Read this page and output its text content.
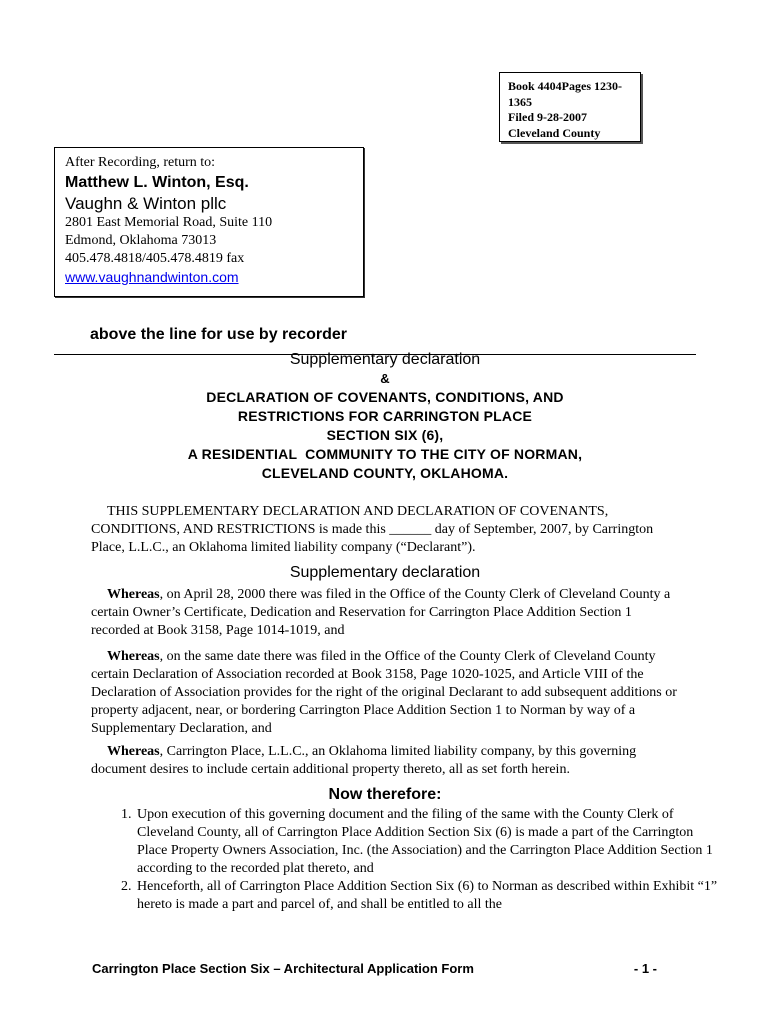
Book 4404Pages 1230-
1365
Filed 9-28-2007
Cleveland County
After Recording, return to:
Matthew L. Winton, Esq.
Vaughn & Winton pllc
2801 East Memorial Road, Suite 110
Edmond, Oklahoma 73013
405.478.4818/405.478.4819 fax
www.vaughnandwinton.com
above the line for use by recorder
Supplementary declaration
&
DECLARATION OF COVENANTS, CONDITIONS, AND
RESTRICTIONS FOR CARRINGTON PLACE
SECTION SIX (6),
A RESIDENTIAL  COMMUNITY TO THE CITY OF NORMAN,
CLEVELAND COUNTY, OKLAHOMA.
THIS SUPPLEMENTARY DECLARATION AND DECLARATION OF COVENANTS, CONDITIONS, AND RESTRICTIONS is made this ______ day of September, 2007, by Carrington Place, L.L.C., an Oklahoma limited liability company (“Declarant”).
Supplementary declaration
Whereas, on April 28, 2000 there was filed in the Office of the County Clerk of Cleveland County a certain Owner’s Certificate, Dedication and Reservation for Carrington Place Addition Section 1 recorded at Book 3158, Page 1014-1019, and
Whereas, on the same date there was filed in the Office of the County Clerk of Cleveland County certain Declaration of Association recorded at Book 3158, Page 1020-1025, and Article VIII of the Declaration of Association provides for the right of the original Declarant to add subsequent additions or property adjacent, near, or bordering Carrington Place Addition Section 1 to Norman by way of a Supplementary Declaration, and
Whereas, Carrington Place, L.L.C., an Oklahoma limited liability company, by this governing document desires to include certain additional property thereto, all as set forth herein.
Now therefore:
1. Upon execution of this governing document and the filing of the same with the County Clerk of Cleveland County, all of Carrington Place Addition Section Six (6) is made a part of the Carrington Place Property Owners Association, Inc. (the Association) and the Carrington Place Addition Section 1 according to the recorded plat thereto, and
2. Henceforth, all of Carrington Place Addition Section Six (6) to Norman as described within Exhibit “1” hereto is made a part and parcel of, and shall be entitled to all the
Carrington Place Section Six – Architectural Application Form	- 1 -
